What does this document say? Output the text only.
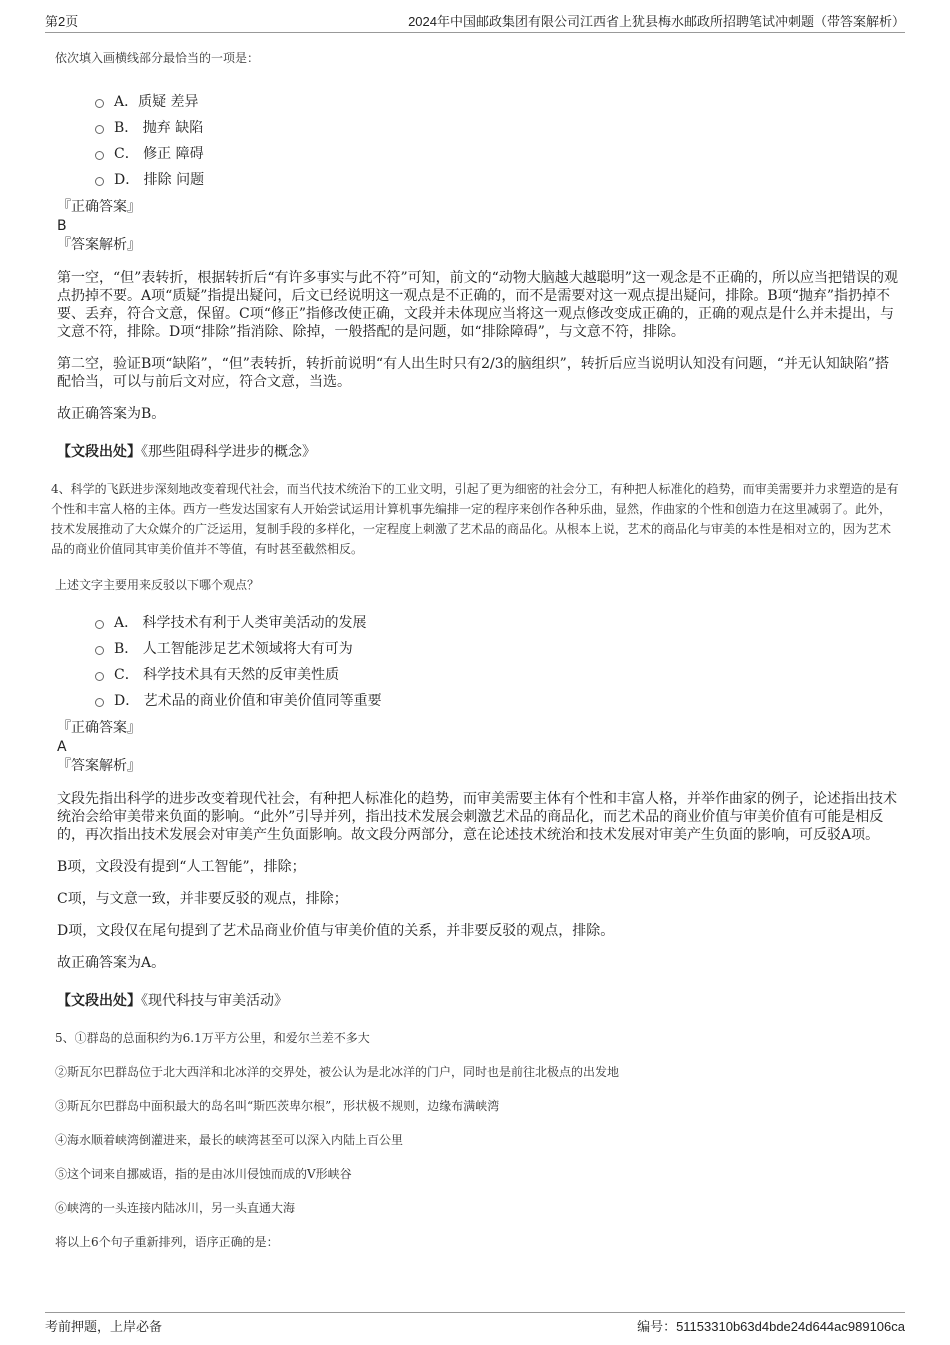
第2页	2024年中国邮政集团有限公司江西省上犹县梅水邮政所招聘笔试冲刺题（带答案解析）
依次填入画横线部分最恰当的一项是：
A．质疑 差异
B． 抛弃 缺陷
C． 修正 障碍
D． 排除 问题
『正确答案』
B
『答案解析』
第一空，“但”表转折，根据转折后“有许多事实与此不符”可知，前文的“动物大脑越大越聪明”这一观念是不正确的，所以应当把错误的观点扔掉不要。A项“质疑”指提出疑问，后文已经说明这一观点是不正确的，而不是需要对这一观点提出疑问，排除。B项“抛弃”指扔掉不要、丢弃，符合文意，保留。C项“修正”指修改使正确，文段并未体现应当将这一观点修改变成正确的，正确的观点是什么并未提出，与文意不符，排除。D项“排除”指消除、除掉，一般搭配的是问题，如“排除障碍”，与文意不符，排除。
第二空，验证B项“缺陷”，“但”表转折，转折前说明“有人出生时只有2/3的脑组织”，转折后应当说明认知没有问题，“并无认知缺陷”搭配恰当，可以与前后文对应，符合文意，当选。
故正确答案为B。
【文段出处】《那些阻碍科学进步的概念》
4、科学的飞跃进步深刻地改变着现代社会，而当代技术统治下的工业文明，引起了更为细密的社会分工，有种把人标准化的趋势，而审美需要并力求塑造的是有个性和丰富人格的主体。西方一些发达国家有人开始尝试运用计算机事先编排一定的程序来创作各种乐曲，显然，作曲家的个性和创造力在这里减弱了。此外，技术发展推动了大众媒介的广泛运用，复制手段的多样化，一定程度上刺激了艺术品的商品化。从根本上说，艺术的商品化与审美的本性是相对立的，因为艺术品的商业价值同其审美价值并不等值，有时甚至截然相反。
上述文字主要用来反驳以下哪个观点？
A． 科学技术有利于人类审美活动的发展
B． 人工智能涉足艺术领域将大有可为
C． 科学技术具有天然的反审美性质
D． 艺术品的商业价值和审美价值同等重要
『正确答案』
A
『答案解析』
文段先指出科学的进步改变着现代社会，有种把人标准化的趋势，而审美需要主体有个性和丰富人格，并举作曲家的例子，论述指出技术统治会给审美带来负面的影响。“此外”引导并列，指出技术发展会刺激艺术品的商品化，而艺术品的商业价值与审美价值有可能是相反的，再次指出技术发展会对审美产生负面影响。故文段分两部分，意在论述技术统治和技术发展对审美产生负面的影响，可反驳A项。
B项，文段没有提到“人工智能”，排除；
C项，与文意一致，并非要反驳的观点，排除；
D项，文段仅在尾句提到了艺术品商业价值与审美价值的关系，并非要反驳的观点，排除。
故正确答案为A。
【文段出处】《现代科技与审美活动》
5、①群岛的总面积约为6.1万平方公里，和爱尔兰差不多大
②斯瓦尔巴群岛位于北大西洋和北冰洋的交界处，被公认为是北冰洋的门户，同时也是前往北极点的出发地
③斯瓦尔巴群岛中面积最大的岛名叫“斯匹茨卑尔根”，形状极不规则，边缘布满峡湾
④海水顺着峡湾倒灌进来，最长的峡湾甚至可以深入内陆上百公里
⑤这个词来自挪威语，指的是由冰川侵蚀而成的V形峡谷
⑥峡湾的一头连接内陆冰川，另一头直通大海
将以上6个句子重新排列，语序正确的是：
考前押题，上岸必备	编号：51153310b63d4bde24d644ac989106ca
